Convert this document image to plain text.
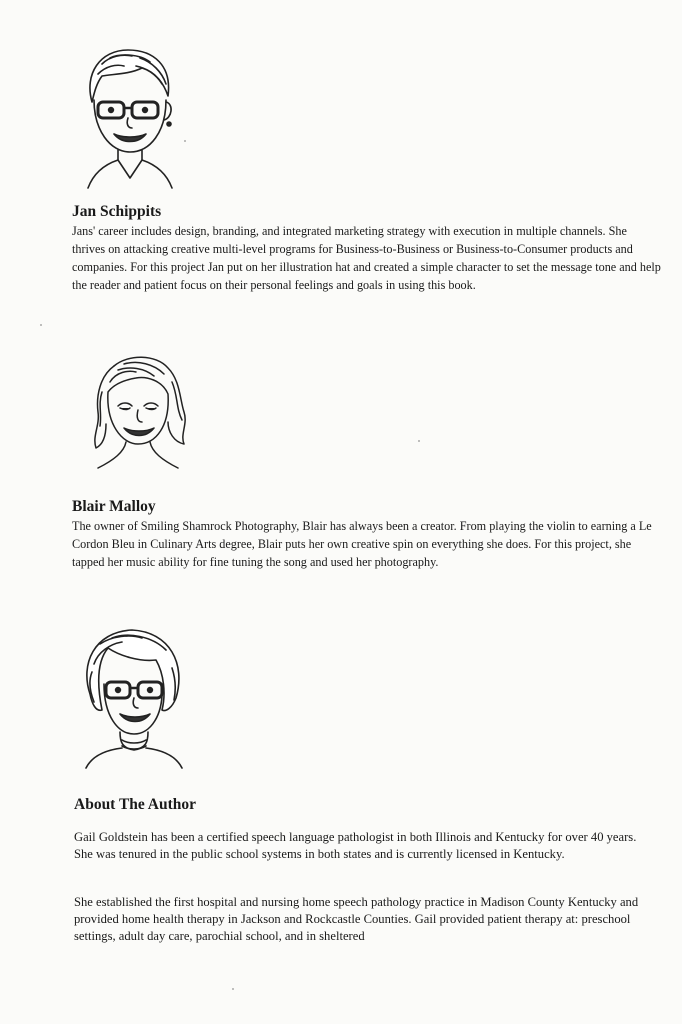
Jan Schippits

Jans' career includes design, branding, and integrated marketing strategy with execution in multiple channels. She thrives on attacking creative multi-level programs for Business-to-Business or Business-to-Consumer products and companies. For this project Jan put on her illustration hat and created a simple character to set the message tone and help the reader and patient focus on their personal feelings and goals in using this book.

Blair Malloy

The owner of Smiling Shamrock Photography, Blair has always been a creator. From playing the violin to earning a Le Cordon Bleu in Culinary Arts degree, Blair puts her own creative spin on everything she does. For this project, she tapped her music ability for fine tuning the song and used her photography.

About The Author

Gail Goldstein has been a certified speech language pathologist in both Illinois and Kentucky for over 40 years. She was tenured in the public school systems in both states and is currently licensed in Kentucky.

She established the first hospital and nursing home speech pathology practice in Madison County Kentucky and provided home health therapy in Jackson and Rockcastle Counties. Gail provided patient therapy at: preschool settings, adult day care, parochial school, and in sheltered
